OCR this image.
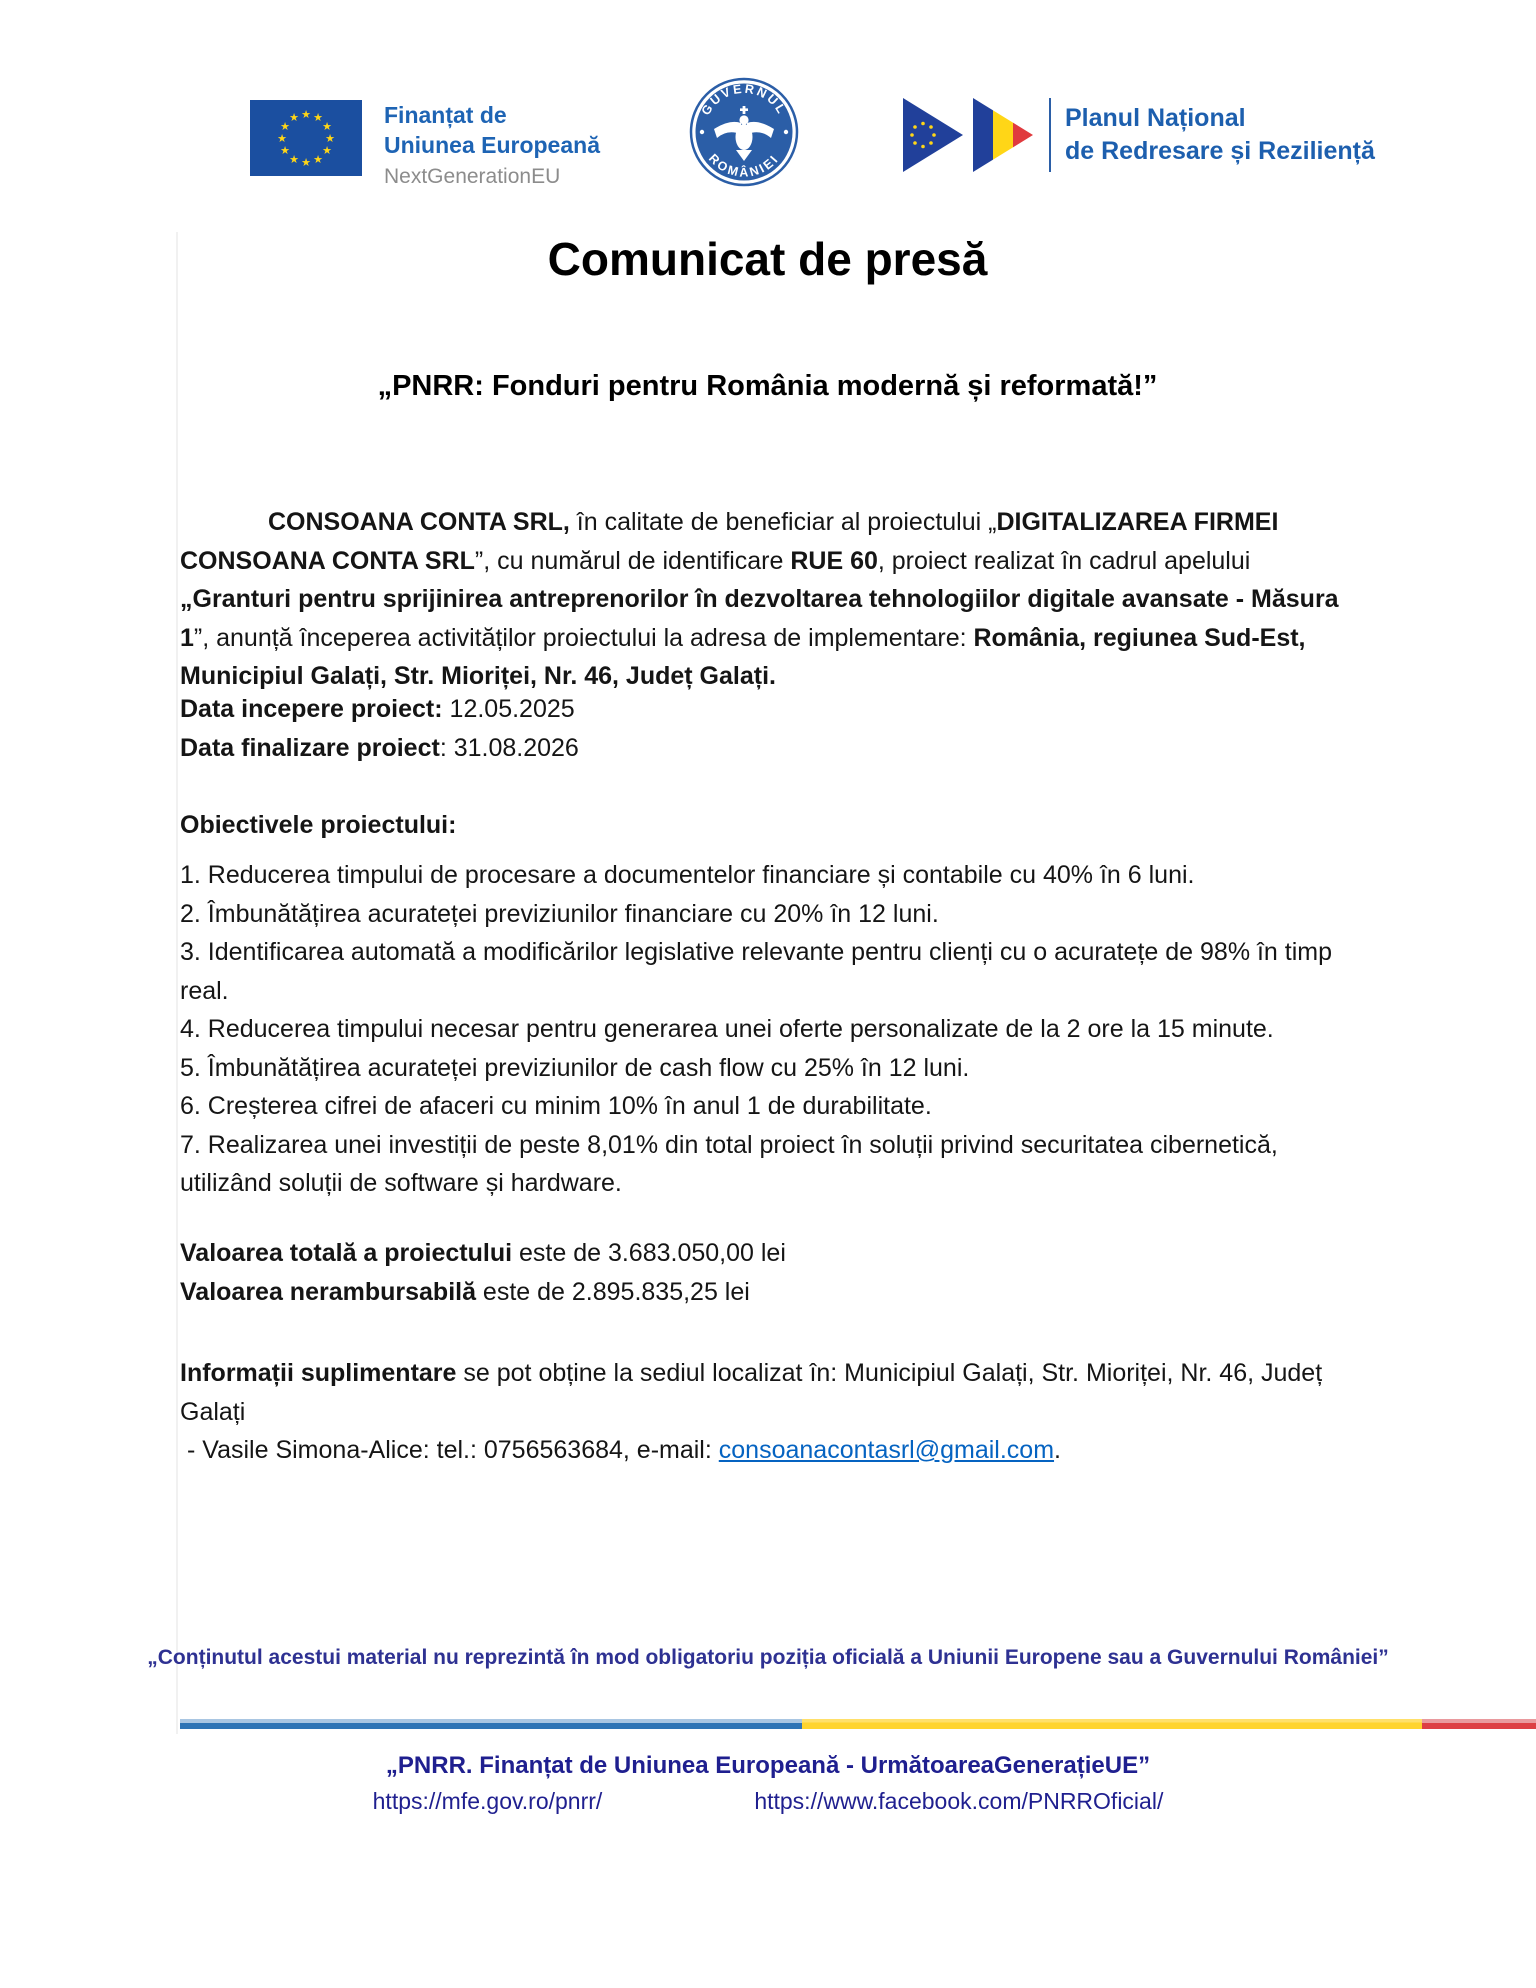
★ ★
★
★
★
★
★
★
★
★
★
★	Finanțat de
Uniunea Europeană
NextGenerationEU
GUVERNUL
ROMÂNIEI
Planul Național
de Redresare și Reziliență
Comunicat de presă
„PNRR: Fonduri pentru România modernă și reformată!”

CONSOANA CONTA SRL, în calitate de beneficiar al proiectului „DIGITALIZAREA FIRMEI CONSOANA CONTA SRL”, cu numărul de identificare RUE 60, proiect realizat în cadrul apelului „Granturi pentru sprijinirea antreprenorilor în dezvoltarea tehnologiilor digitale avansate - Măsura 1”, anunță începerea activităților proiectului la adresa de implementare: România, regiunea Sud-Est, Municipiul Galați, Str. Mioriței, Nr. 46, Județ Galați.

Data incepere proiect: 12.05.2025
Data finalizare proiect: 31.08.2026
Obiectivele proiectului:
1. Reducerea timpului de procesare a documentelor financiare și contabile cu 40% în 6 luni.
2. Îmbunătățirea acurateței previziunilor financiare cu 20% în 12 luni.
3. Identificarea automată a modificărilor legislative relevante pentru clienți cu o acuratețe de 98% în timp real.
4. Reducerea timpului necesar pentru generarea unei oferte personalizate de la 2 ore la 15 minute.
5. Îmbunătățirea acurateței previziunilor de cash flow cu 25% în 12 luni.
6. Creșterea cifrei de afaceri cu minim 10% în anul 1 de durabilitate.
7. Realizarea unei investiții de peste 8,01% din total proiect în soluții privind securitatea cibernetică, utilizând soluții de software și hardware.
Valoarea totală a proiectului este de 3.683.050,00 lei
Valoarea nerambursabilă este de 2.895.835,25 lei
Informații suplimentare se pot obține la sediul localizat în: Municipiul Galați, Str. Mioriței, Nr. 46, Județ Galați
- Vasile Simona-Alice: tel.: 0756563684, e-mail: consoanacontasrl@gmail.com.
„Conținutul acestui material nu reprezintă în mod obligatoriu poziția oficială a Uniunii Europene sau a Guvernului României”
„PNRR. Finanțat de Uniunea Europeană - UrmătoareaGenerațieUE”
https://mfe.gov.ro/pnrr/	https://www.facebook.com/PNRROficial/
